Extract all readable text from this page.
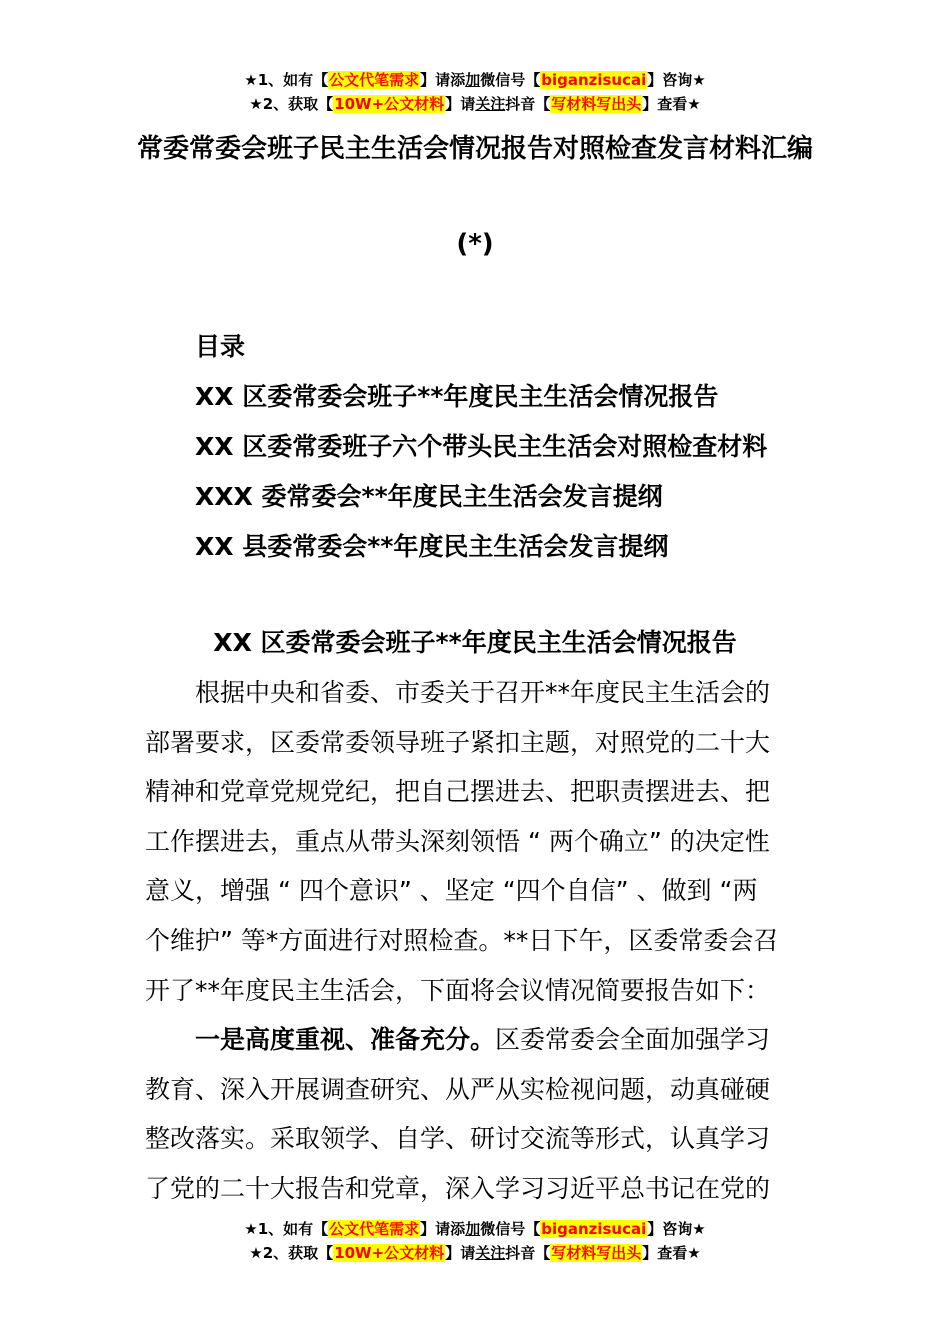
★1、如有【公文代笔需求】请添加微信号【biganzisucai】咨询★
★2、获取【10W+公文材料】请关注抖音【写材料写出头】查看★
常委常委会班子民主生活会情况报告对照检查发言材料汇编
(*)
目录
XX 区委常委会班子**年度民主生活会情况报告
XX 区委常委班子六个带头民主生活会对照检查材料
XXX 委常委会**年度民主生活会发言提纲
XX 县委常委会**年度民主生活会发言提纲
XX 区委常委会班子**年度民主生活会情况报告
　　根据中央和省委、市委关于召开**年度民主生活会的
部署要求，区委常委领导班子紧扣主题，对照党的二十大
精神和党章党规党纪，把自己摆进去、把职责摆进去、把
工作摆进去，重点从带头深刻领悟 “ 两个确立” 的决定性
意义，增强 “ 四个意识” 、坚定 “四个自信” 、做到 “两
个维护” 等*方面进行对照检查。**日下午，区委常委会召
开了**年度民主生活会，下面将会议情况简要报告如下：
　　一是高度重视、准备充分。区委常委会全面加强学习
教育、深入开展调查研究、从严从实检视问题，动真碰硬
整改落实。采取领学、自学、研讨交流等形式，认真学习
了党的二十大报告和党章，深入学习习近平总书记在党的
★1、如有【公文代笔需求】请添加微信号【biganzisucai】咨询★
★2、获取【10W+公文材料】请关注抖音【写材料写出头】查看★
